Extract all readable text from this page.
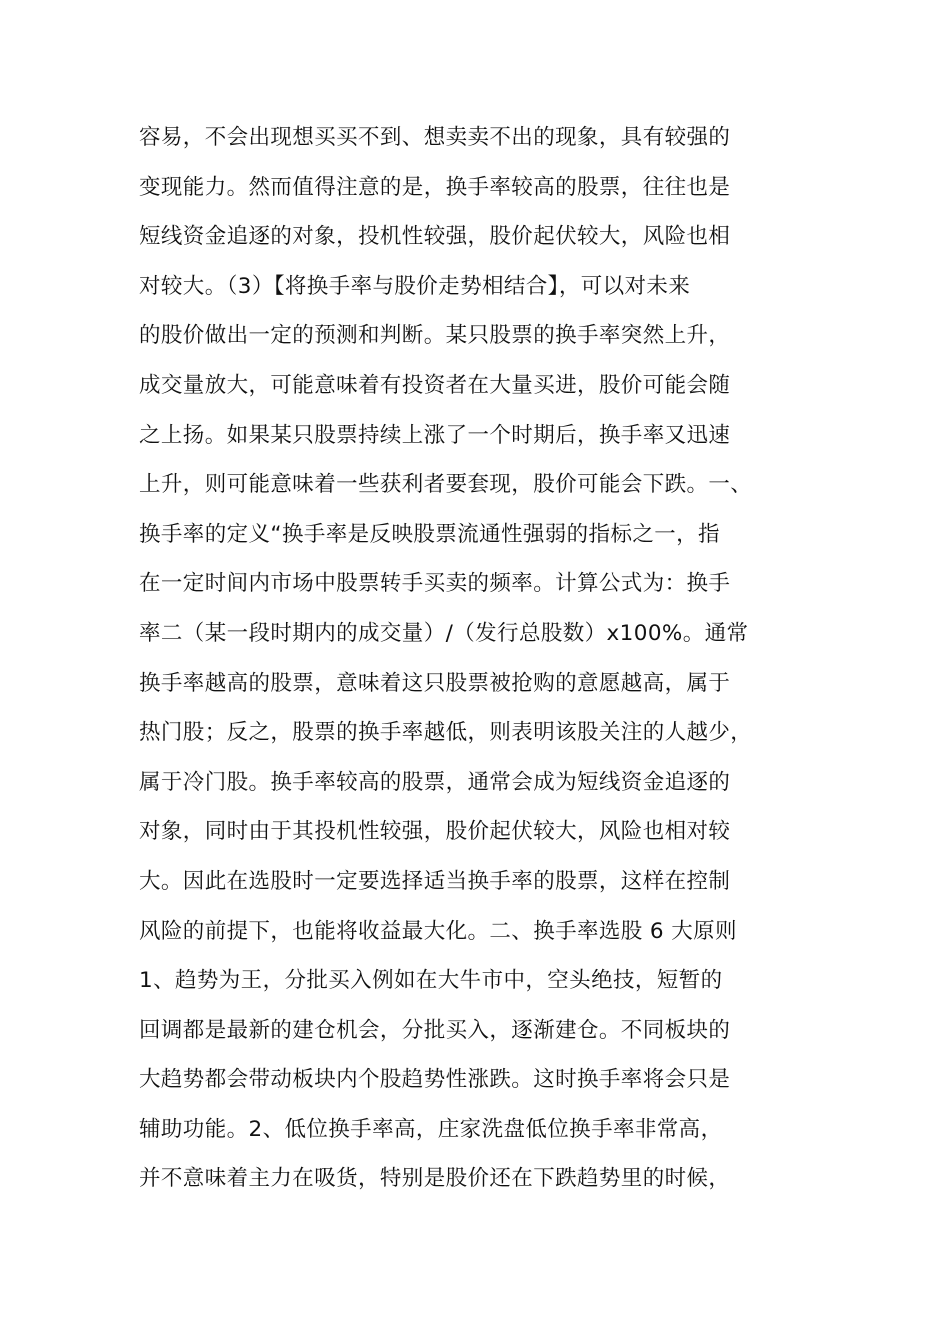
容易，不会出现想买买不到、想卖卖不出的现象，具有较强的
变现能力。然而值得注意的是，换手率较高的股票，往往也是
短线资金追逐的对象，投机性较强，股价起伏较大，风险也相
对较大。（3）【将换手率与股价走势相结合】，可以对未来
的股价做出一定的预测和判断。某只股票的换手率突然上升，
成交量放大，可能意味着有投资者在大量买进，股价可能会随
之上扬。如果某只股票持续上涨了一个时期后，换手率又迅速
上升，则可能意味着一些获利者要套现，股价可能会下跌。一、
换手率的定义“换手率是反映股票流通性强弱的指标之一，指
在一定时间内市场中股票转手买卖的频率。计算公式为：换手
率二（某一段时期内的成交量）/（发行总股数）x100%。通常
换手率越高的股票，意味着这只股票被抢购的意愿越高，属于
热门股；反之，股票的换手率越低，则表明该股关注的人越少，
属于冷门股。换手率较高的股票，通常会成为短线资金追逐的
对象，同时由于其投机性较强，股价起伏较大，风险也相对较
大。因此在选股时一定要选择适当换手率的股票，这样在控制
风险的前提下，也能将收益最大化。二、换手率选股 6 大原则
1、趋势为王，分批买入例如在大牛市中，空头绝技，短暂的
回调都是最新的建仓机会，分批买入，逐渐建仓。不同板块的
大趋势都会带动板块内个股趋势性涨跌。这时换手率将会只是
辅助功能。2、低位换手率高，庄家洗盘低位换手率非常高，
并不意味着主力在吸货，特别是股价还在下跌趋势里的时候，
